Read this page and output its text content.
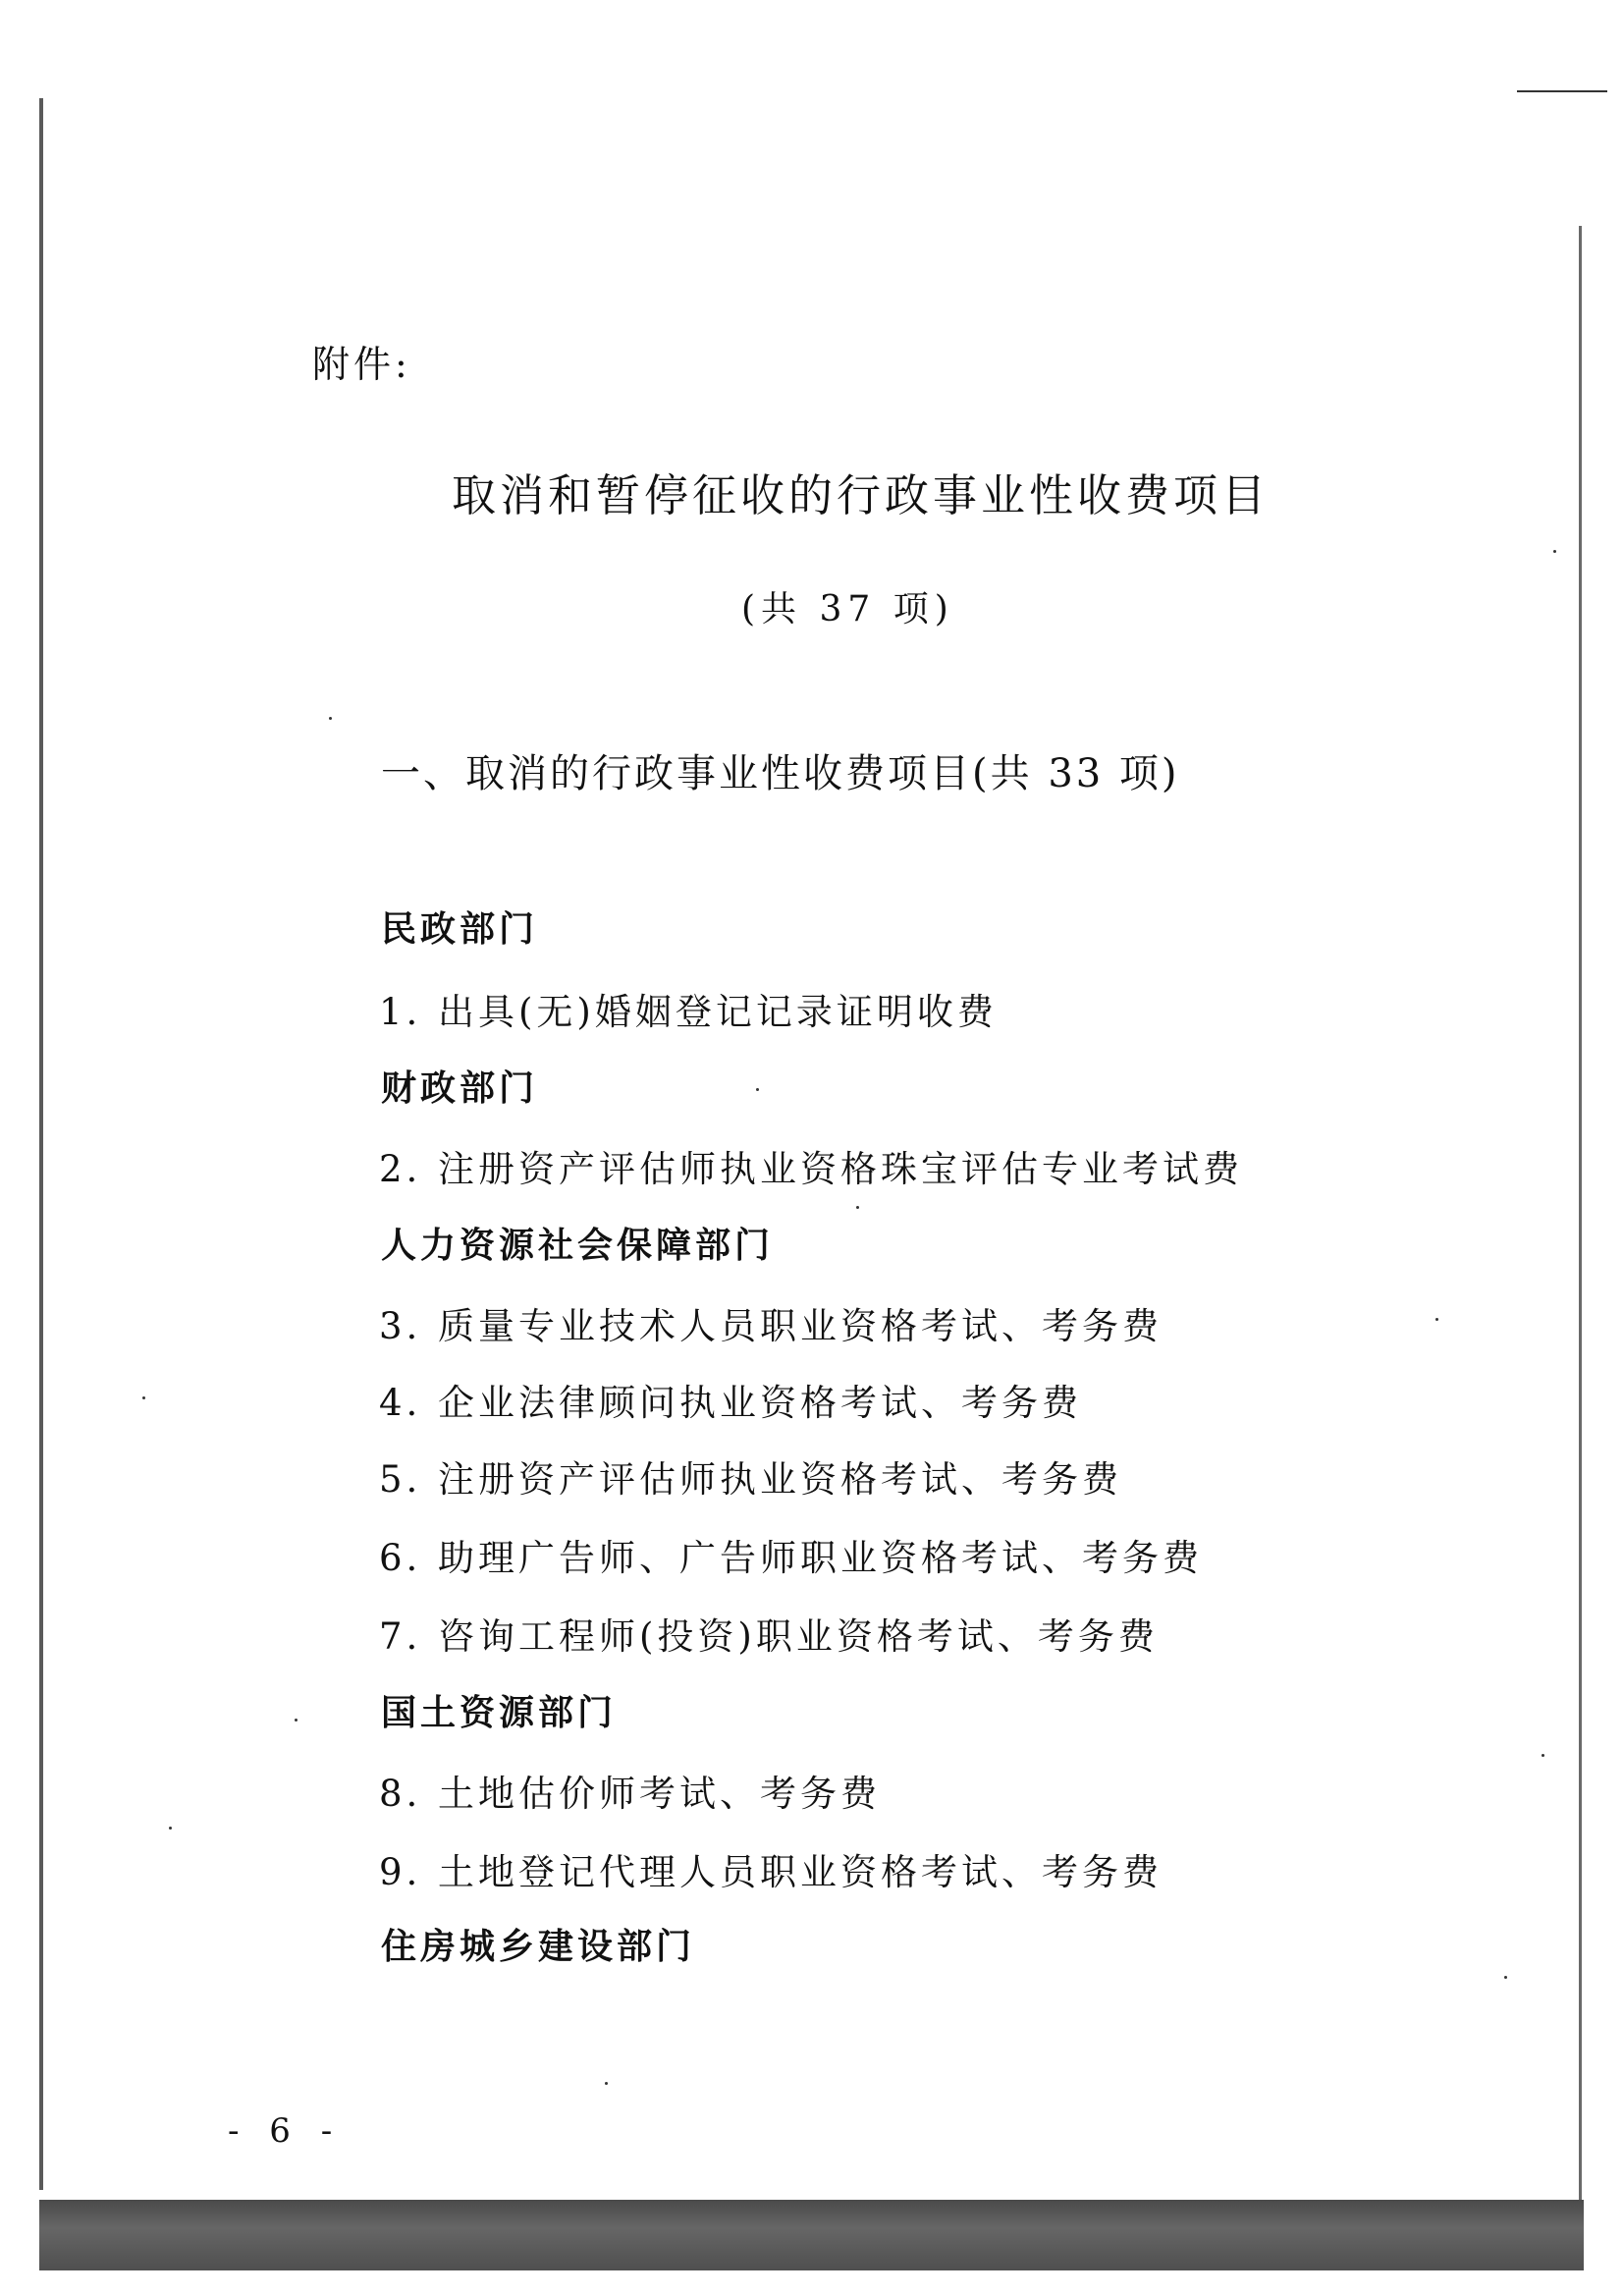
附件:
取消和暂停征收的行政事业性收费项目
(共 37 项)
一、取消的行政事业性收费项目(共 33 项)
民政部门
1. 出具(无)婚姻登记记录证明收费
财政部门
2. 注册资产评估师执业资格珠宝评估专业考试费
人力资源社会保障部门
3. 质量专业技术人员职业资格考试、考务费
4. 企业法律顾问执业资格考试、考务费
5. 注册资产评估师执业资格考试、考务费
6. 助理广告师、广告师职业资格考试、考务费
7. 咨询工程师(投资)职业资格考试、考务费
国土资源部门
8. 土地估价师考试、考务费
9. 土地登记代理人员职业资格考试、考务费
住房城乡建设部门
- 6 -
